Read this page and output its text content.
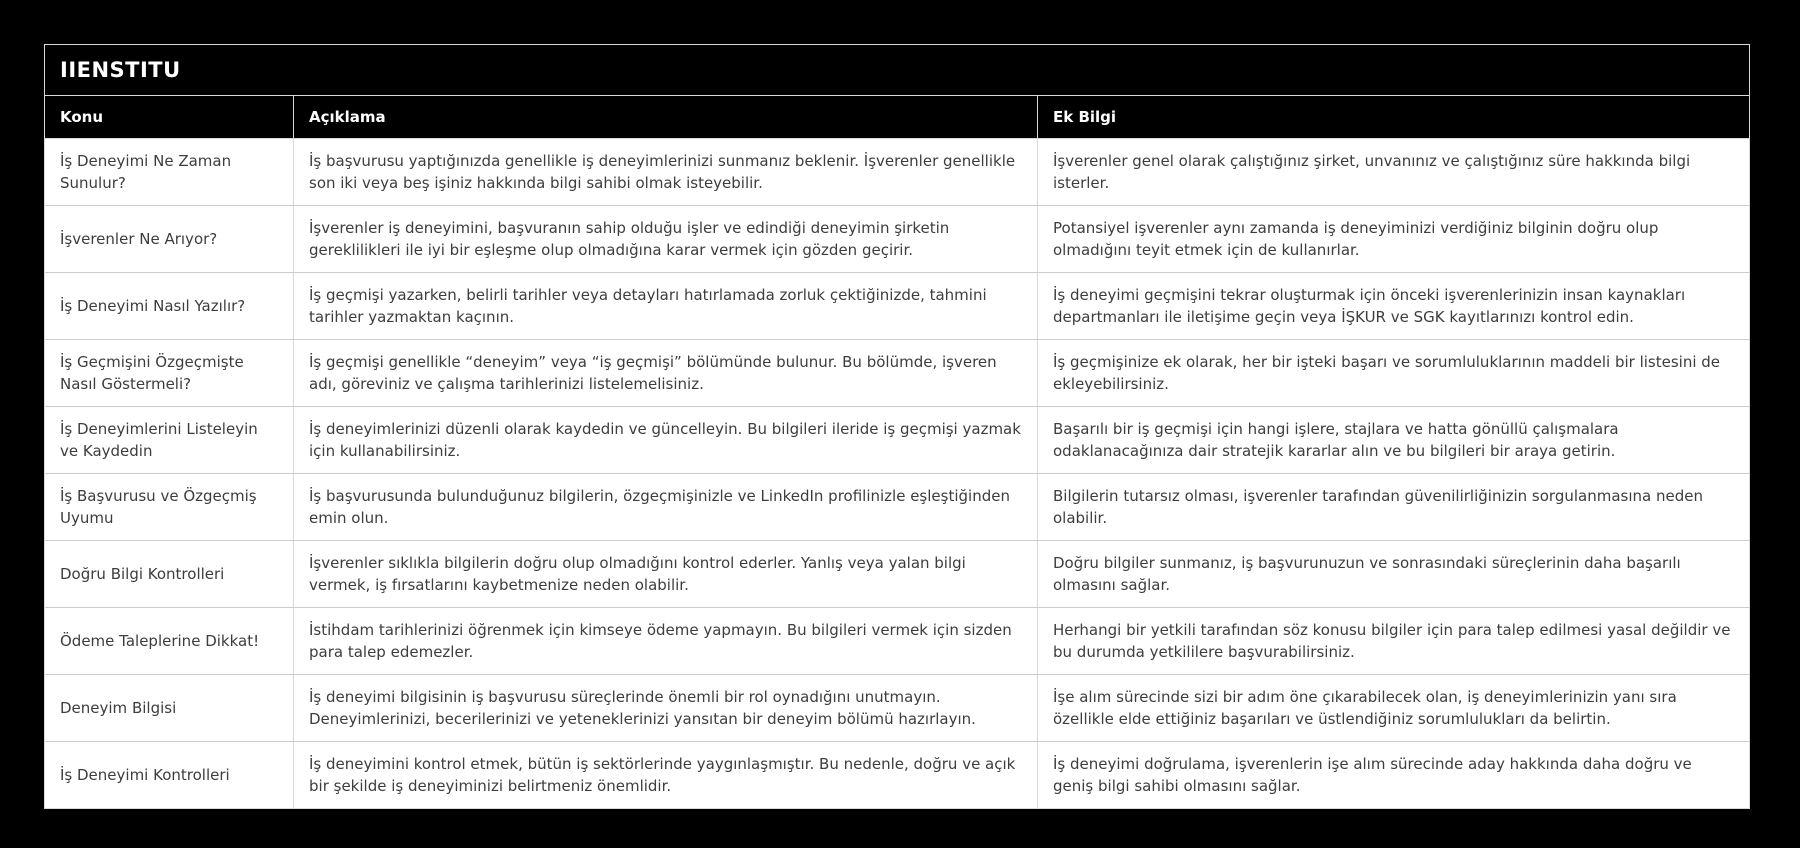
IIENSTITU
Konu	Açıklama	Ek Bilgi
İş Deneyimi Ne Zaman Sunulur?
İş başvurusu yaptığınızda genellikle iş deneyimlerinizi sunmanız beklenir. İşverenler genellikle son iki veya beş işiniz hakkında bilgi sahibi olmak isteyebilir.
İşverenler genel olarak çalıştığınız şirket, unvanınız ve çalıştığınız süre hakkında bilgi isterler.
İşverenler Ne Arıyor?
İşverenler iş deneyimini, başvuranın sahip olduğu işler ve edindiği deneyimin şirketin gereklilikleri ile iyi bir eşleşme olup olmadığına karar vermek için gözden geçirir.
Potansiyel işverenler aynı zamanda iş deneyiminizi verdiğiniz bilginin doğru olup olmadığını teyit etmek için de kullanırlar.
İş Deneyimi Nasıl Yazılır?
İş geçmişi yazarken, belirli tarihler veya detayları hatırlamada zorluk çektiğinizde, tahmini tarihler yazmaktan kaçının.
İş deneyimi geçmişini tekrar oluşturmak için önceki işverenlerinizin insan kaynakları departmanları ile iletişime geçin veya İŞKUR ve SGK kayıtlarınızı kontrol edin.
İş Geçmişini Özgeçmişte Nasıl Göstermeli?
İş geçmişi genellikle “deneyim” veya “iş geçmişi” bölümünde bulunur. Bu bölümde, işveren adı, göreviniz ve çalışma tarihlerinizi listelemelisiniz.
İş geçmişinize ek olarak, her bir işteki başarı ve sorumluluklarının maddeli bir listesini de ekleyebilirsiniz.
İş Deneyimlerini Listeleyin ve Kaydedin
İş deneyimlerinizi düzenli olarak kaydedin ve güncelleyin. Bu bilgileri ileride iş geçmişi yazmak için kullanabilirsiniz.
Başarılı bir iş geçmişi için hangi işlere, stajlara ve hatta gönüllü çalışmalara odaklanacağınıza dair stratejik kararlar alın ve bu bilgileri bir araya getirin.
İş Başvurusu ve Özgeçmiş Uyumu
İş başvurusunda bulunduğunuz bilgilerin, özgeçmişinizle ve LinkedIn profilinizle eşleştiğinden emin olun.
Bilgilerin tutarsız olması, işverenler tarafından güvenilirliğinizin sorgulanmasına neden olabilir.
Doğru Bilgi Kontrolleri
İşverenler sıklıkla bilgilerin doğru olup olmadığını kontrol ederler. Yanlış veya yalan bilgi vermek, iş fırsatlarını kaybetmenize neden olabilir.
Doğru bilgiler sunmanız, iş başvurunuzun ve sonrasındaki süreçlerinin daha başarılı olmasını sağlar.
Ödeme Taleplerine Dikkat!
İstihdam tarihlerinizi öğrenmek için kimseye ödeme yapmayın. Bu bilgileri vermek için sizden para talep edemezler.
Herhangi bir yetkili tarafından söz konusu bilgiler için para talep edilmesi yasal değildir ve bu durumda yetkililere başvurabilirsiniz.
Deneyim Bilgisi
İş deneyimi bilgisinin iş başvurusu süreçlerinde önemli bir rol oynadığını unutmayın. Deneyimlerinizi, becerilerinizi ve yeteneklerinizi yansıtan bir deneyim bölümü hazırlayın.
İşe alım sürecinde sizi bir adım öne çıkarabilecek olan, iş deneyimlerinizin yanı sıra özellikle elde ettiğiniz başarıları ve üstlendiğiniz sorumlulukları da belirtin.
İş Deneyimi Kontrolleri
İş deneyimini kontrol etmek, bütün iş sektörlerinde yaygınlaşmıştır. Bu nedenle, doğru ve açık bir şekilde iş deneyiminizi belirtmeniz önemlidir.
İş deneyimi doğrulama, işverenlerin işe alım sürecinde aday hakkında daha doğru ve geniş bilgi sahibi olmasını sağlar.
